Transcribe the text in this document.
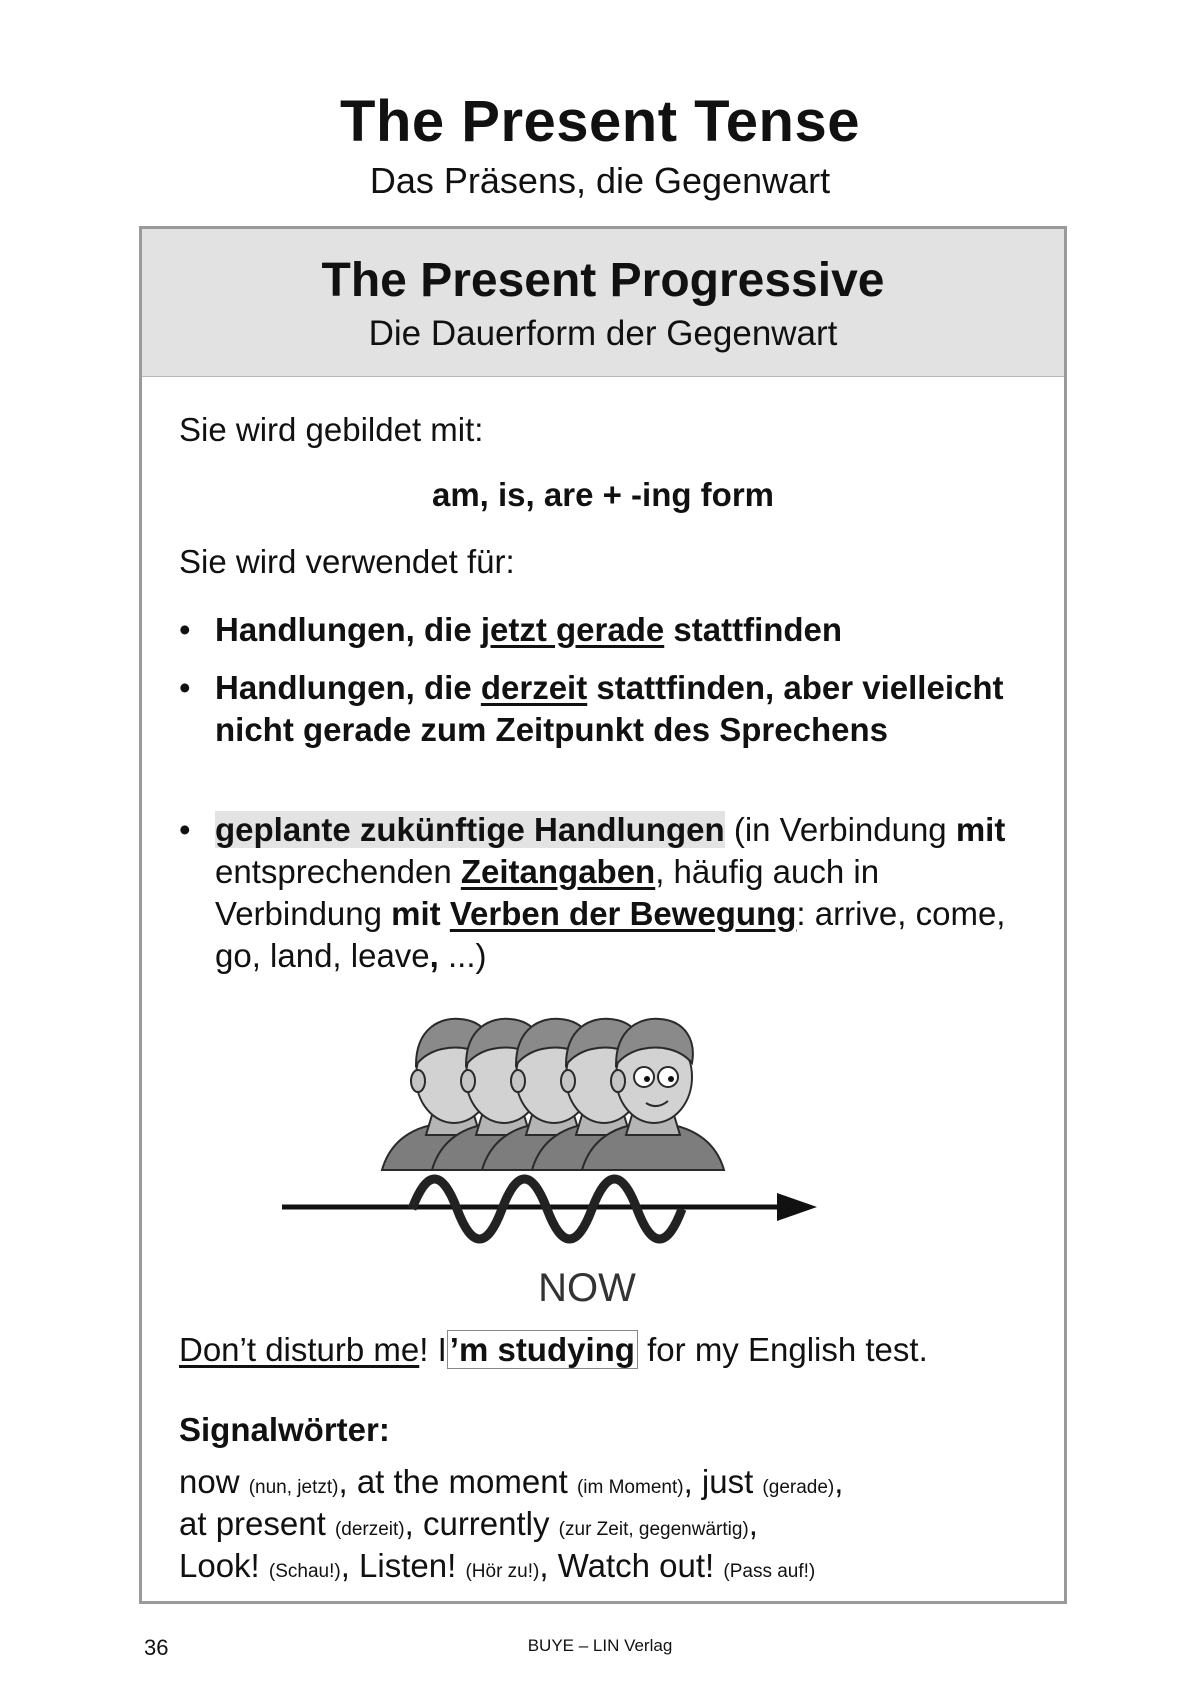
The Present Tense
Das Präsens, die Gegenwart
The Present Progressive
Die Dauerform der Gegenwart
Sie wird gebildet mit:
am, is, are + -ing form
Sie wird verwendet für:
• Handlungen, die jetzt gerade stattfinden
• Handlungen, die derzeit stattfinden, aber vielleicht nicht gerade zum Zeitpunkt des Sprechens
• geplante zukünftige Handlungen (in Verbindung mit entsprechenden Zeitangaben, häufig auch in Verbindung mit Verben der Bewegung: arrive, come, go, land, leave, ...)
NOW
Don’t disturb me! I’m studying for my English test.
Signalwörter:
now (nun, jetzt), at the moment (im Moment), just (gerade),
at present (derzeit), currently (zur Zeit, gegenwärtig),
Look! (Schau!), Listen! (Hör zu!), Watch out! (Pass auf!)
36	BUYE – LIN Verlag
